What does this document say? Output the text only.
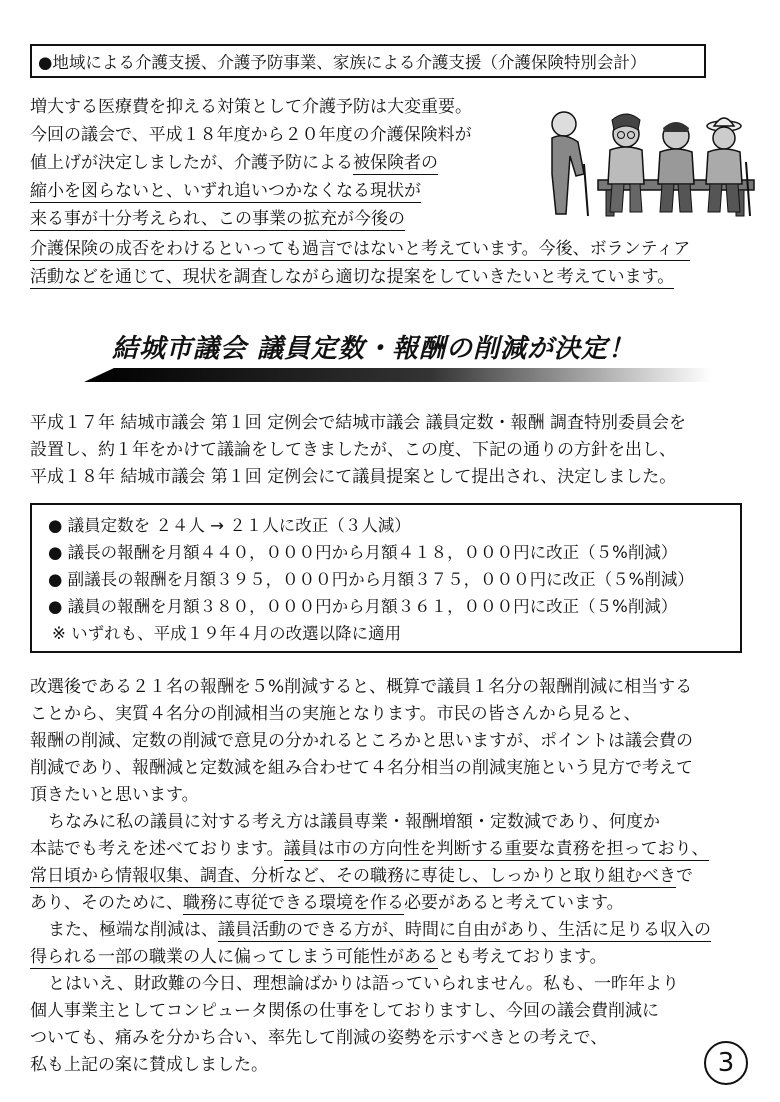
●地域による介護支援、介護予防事業、家族による介護支援（介護保険特別会計）
増大する医療費を抑える対策として介護予防は大変重要。
今回の議会で、平成１８年度から２０年度の介護保険料が
値上げが決定しましたが、介護予防による被保険者の
縮小を図らないと、いずれ追いつかなくなる現状が
来る事が十分考えられ、この事業の拡充が今後の
介護保険の成否をわけるといっても過言ではないと考えています。今後、ボランティア
活動などを通じて、現状を調査しながら適切な提案をしていきたいと考えています。
結城市議会 議員定数・報酬の削減が決定！
平成１７年 結城市議会 第１回 定例会で結城市議会 議員定数・報酬 調査特別委員会を
設置し、約１年をかけて議論をしてきましたが、この度、下記の通りの方針を出し、
平成１８年 結城市議会 第１回 定例会にて議員提案として提出され、決定しました。
● 議員定数を ２４人 → ２１人に改正（３人減）
● 議長の報酬を月額４４０，０００円から月額４１８，０００円に改正（５%削減）
● 副議長の報酬を月額３９５，０００円から月額３７５，０００円に改正（５%削減）
● 議員の報酬を月額３８０，０００円から月額３６１，０００円に改正（５%削減）
※ いずれも、平成１９年４月の改選以降に適用
改選後である２１名の報酬を５%削減すると、概算で議員１名分の報酬削減に相当する
ことから、実質４名分の削減相当の実施となります。市民の皆さんから見ると、
報酬の削減、定数の削減で意見の分かれるところかと思いますが、ポイントは議会費の
削減であり、報酬減と定数減を組み合わせて４名分相当の削減実施という見方で考えて
頂きたいと思います。
ちなみに私の議員に対する考え方は議員専業・報酬増額・定数減であり、何度か
本誌でも考えを述べております。議員は市の方向性を判断する重要な責務を担っており、
常日頃から情報収集、調査、分析など、その職務に専徒し、しっかりと取り組むべきで
あり、そのために、職務に専従できる環境を作る必要があると考えています。
また、極端な削減は、議員活動のできる方が、時間に自由があり、生活に足りる収入の
得られる一部の職業の人に偏ってしまう可能性があるとも考えております。
とはいえ、財政難の今日、理想論ばかりは語っていられません。私も、一昨年より
個人事業主としてコンピュータ関係の仕事をしておりますし、今回の議会費削減に
ついても、痛みを分かち合い、率先して削減の姿勢を示すべきとの考えで、
私も上記の案に賛成しました。	3
